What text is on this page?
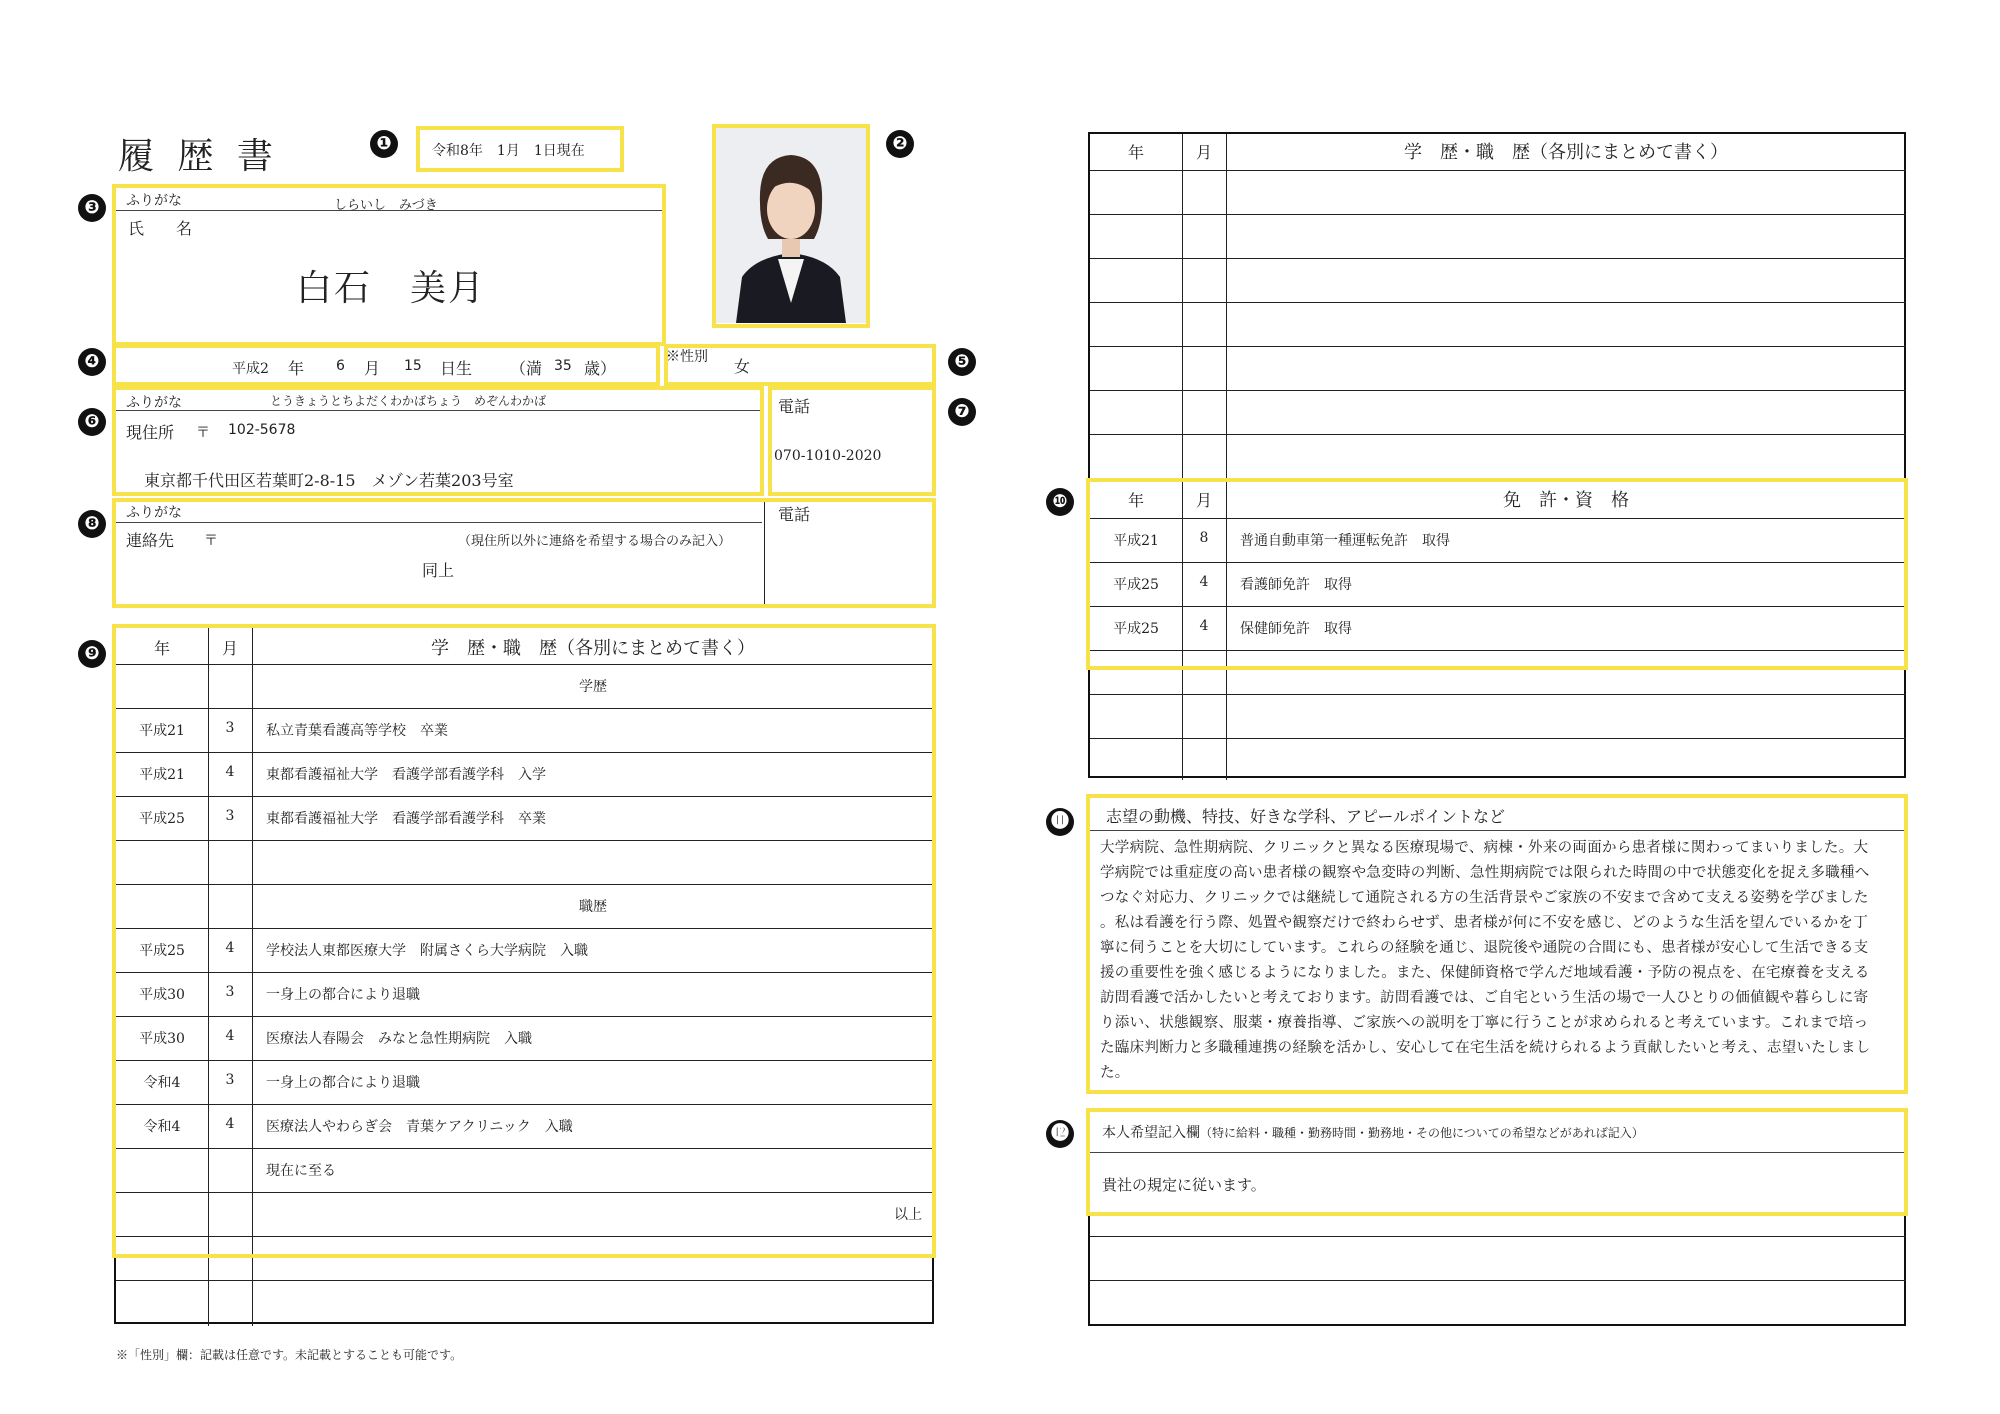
履 歴 書	❶	令和8年　1月　1日現在	❷
❸	ふりがな	しらいし　みづき
氏　　名
白石　美月
❹	平成2 年 6 月 15 日生 （満 35 歳）
※性別 女	❺
❻
ふりがな	とうきょうとちよだくわかばちょう　めぞんわかば
現住所 〒 102-5678
東京都千代田区若葉町2-8-15　メゾン若葉203号室
電話
070-1010-2020
❼
❽	ふりがな
連絡先 〒	（現住所以外に連絡を希望する場合のみ記入）
同上
電話
❾	年	月	学　歴・職　歴（各別にまとめて書く）
学歴
平成21	3	私立青葉看護高等学校　卒業
平成21	4	東都看護福祉大学　看護学部看護学科　入学
平成25	3	東都看護福祉大学　看護学部看護学科　卒業
職歴
平成25	4	学校法人東都医療大学　附属さくら大学病院　入職
平成30	3	一身上の都合により退職
平成30	4	医療法人春陽会　みなと急性期病院　入職
令和4	3	一身上の都合により退職
令和4	4	医療法人やわらぎ会　青葉ケアクリニック　入職
現在に至る
以上
※「性別」欄：記載は任意です。未記載とすることも可能です。
年	月	学　歴・職　歴（各別にまとめて書く）
❿	年	月	免　許・資　格
平成21	8	普通自動車第一種運転免許　取得
平成25	4	看護師免許　取得
平成25	4	保健師免許　取得
⓫	志望の動機、特技、好きな学科、アピールポイントなど
大学病院、急性期病院、クリニックと異なる医療現場で、病棟・外来の両面から患者様に関わってまいりました。大
学病院では重症度の高い患者様の観察や急変時の判断、急性期病院では限られた時間の中で状態変化を捉え多職種へ
つなぐ対応力、クリニックでは継続して通院される方の生活背景やご家族の不安まで含めて支える姿勢を学びました
。私は看護を行う際、処置や観察だけで終わらせず、患者様が何に不安を感じ、どのような生活を望んでいるかを丁
寧に伺うことを大切にしています。これらの経験を通じ、退院後や通院の合間にも、患者様が安心して生活できる支
援の重要性を強く感じるようになりました。また、保健師資格で学んだ地域看護・予防の視点を、在宅療養を支える
訪問看護で活かしたいと考えております。訪問看護では、ご自宅という生活の場で一人ひとりの価値観や暮らしに寄
り添い、状態観察、服薬・療養指導、ご家族への説明を丁寧に行うことが求められると考えています。これまで培っ
た臨床判断力と多職種連携の経験を活かし、安心して在宅生活を続けられるよう貢献したいと考え、志望いたしまし
た。
⓬	本人希望記入欄（特に給料・職種・勤務時間・勤務地・その他についての希望などがあれば記入）
貴社の規定に従います。
